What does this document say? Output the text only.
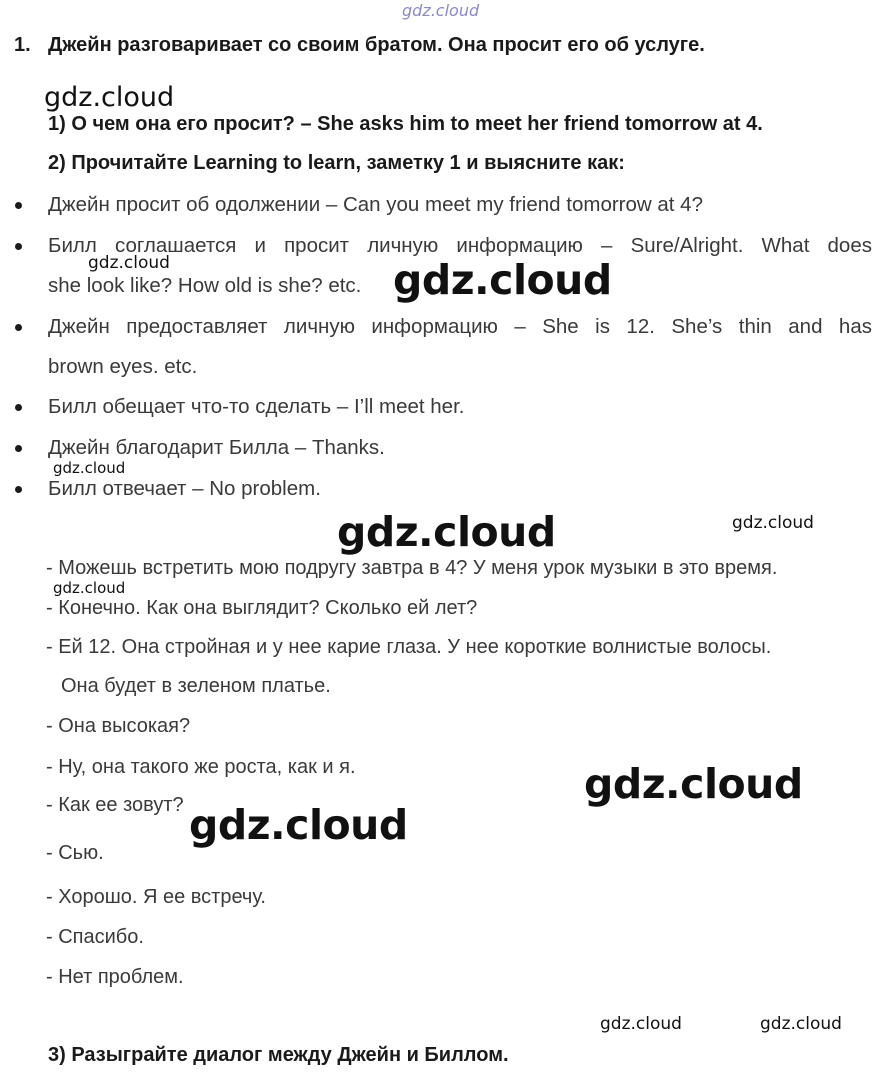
gdz.cloud
1. Джейн разговаривает со своим братом. Она просит его об услуге.
gdz.cloud
1) О чем она его просит? – She asks him to meet her friend tomorrow at 4.
2) Прочитайте Learning to learn, заметку 1 и выясните как:
Джейн просит об одолжении – Can you meet my friend tomorrow at 4?
Билл соглашается и просит личную информацию – Sure/Alright. What does
she look like? How old is she? etc.
Джейн предоставляет личную информацию – She is 12. She’s thin and has
brown eyes. etc.
Билл обещает что-то сделать – I’ll meet her.
Джейн благодарит Билла – Thanks.
Билл отвечает – No problem.
gdz.cloud	gdz.cloud
gdz.cloud
gdz.cloud	gdz.cloud
- Можешь встретить мою подругу завтра в 4? У меня урок музыки в это время.
gdz.cloud
- Конечно. Как она выглядит? Сколько ей лет?
- Ей 12. Она стройная и у нее карие глаза. У нее короткие волнистые волосы.
Она будет в зеленом платье.
- Она высокая?
- Ну, она такого же роста, как и я.
- Как ее зовут?
- Сью.
- Хорошо. Я ее встречу.
- Спасибо.
- Нет проблем.
gdz.cloud
gdz.cloud
gdz.cloud	gdz.cloud
3) Разыграйте диалог между Джейн и Биллом.
